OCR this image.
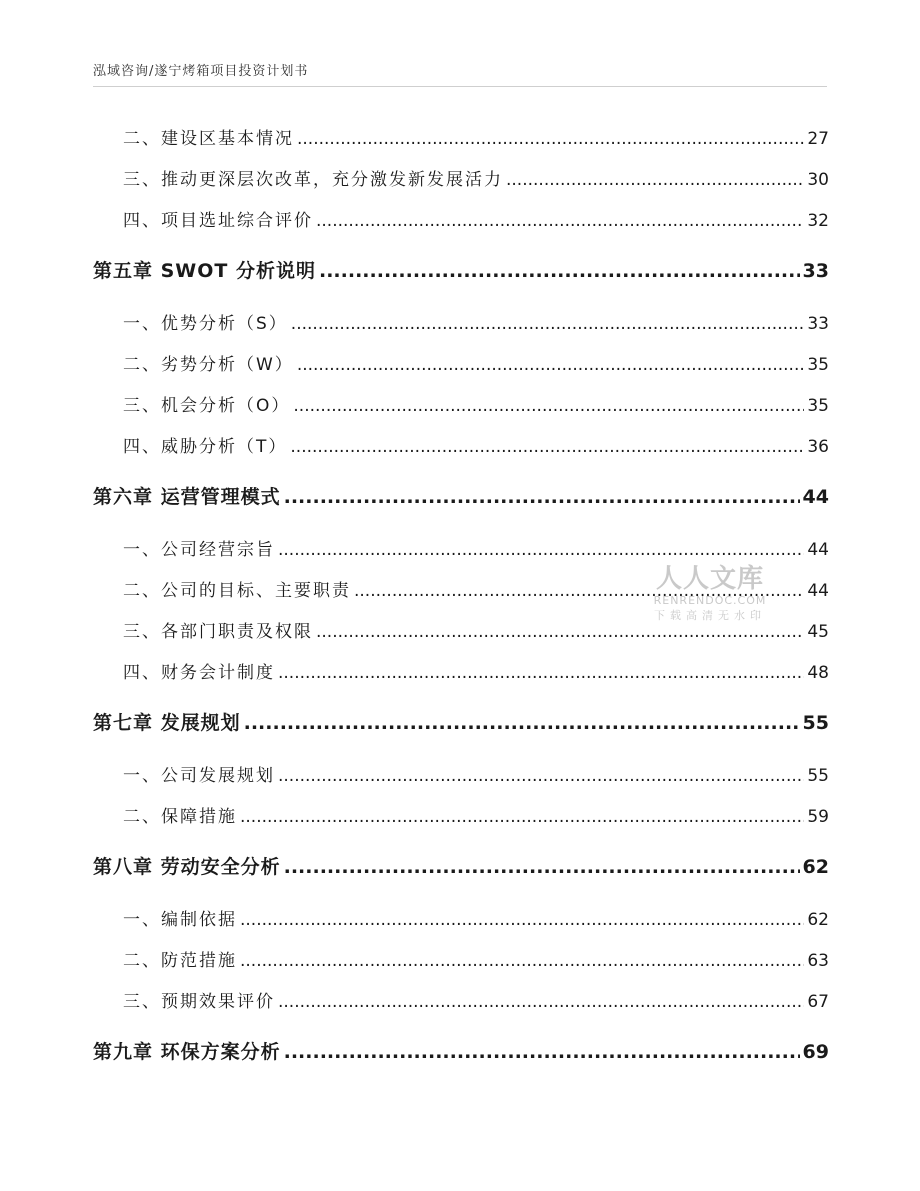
泓域咨询/遂宁烤箱项目投资计划书
二、 建设区基本情况 .....	27
三、 推动更深层次改革，充分激发新发展活力 .....	30
四、 项目选址综合评价 .....	32
第五章 SWOT 分析说明 .....	33
一、 优势分析（S） .....	33
二、 劣势分析（W） .....	35
三、 机会分析（O） .....	35
四、 威胁分析（T） .....	36
第六章 运营管理模式 .....	44
一、 公司经营宗旨 .....	44
二、 公司的目标、主要职责 .....	44
三、 各部门职责及权限 .....	45
四、 财务会计制度 .....	48
第七章 发展规划 .....	55
一、 公司发展规划 .....	55
二、 保障措施 .....	59
第八章 劳动安全分析 .....	62
一、 编制依据 .....	62
二、 防范措施 .....	63
三、 预期效果评价 .....	67
第九章 环保方案分析 .....	69
人人文库
RENRENDOC.COM
下载高清无水印
